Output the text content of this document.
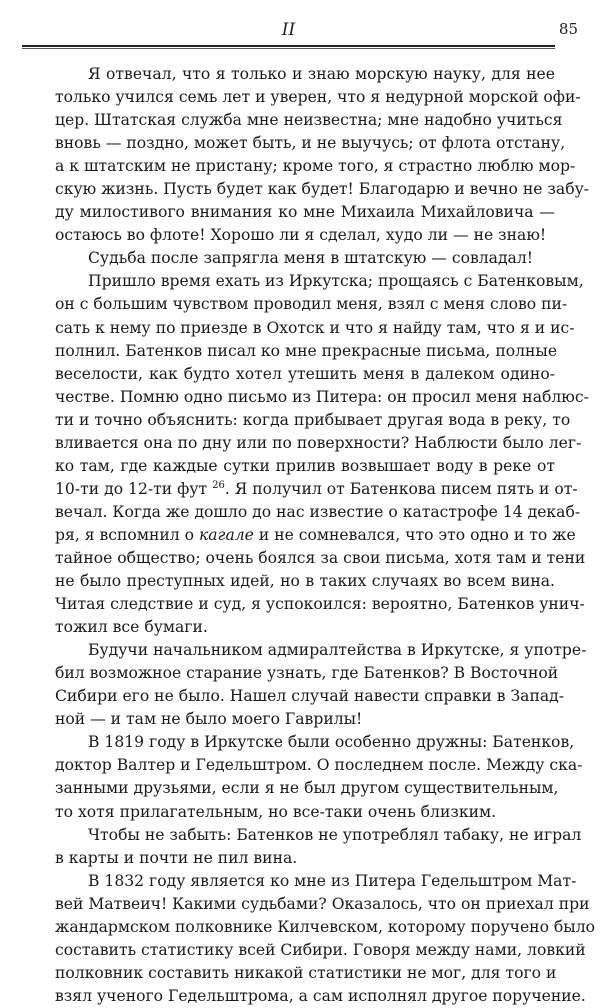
II	85
Я отвечал, что я только и знаю морскую науку, для нее
только учился семь лет и уверен, что я недурной морской офи-
цер. Штатская служба мне неизвестна; мне надобно учиться
вновь — поздно, может быть, и не выучусь; от флота отстану,
а к штатским не пристану; кроме того, я страстно люблю мор-
скую жизнь. Пусть будет как будет! Благодарю и вечно не забу-
ду милостивого внимания ко мне Михаила Михайловича —
остаюсь во флоте! Хорошо ли я сделал, худо ли — не знаю!
Судьба после запрягла меня в штатскую — совладал!
Пришло время ехать из Иркутска; прощаясь с Батенковым,
он с большим чувством проводил меня, взял с меня слово пи-
сать к нему по приезде в Охотск и что я найду там, что я и ис-
полнил. Батенков писал ко мне прекрасные письма, полные
веселости, как будто хотел утешить меня в далеком одино-
честве. Помню одно письмо из Питера: он просил меня наблюс-
ти и точно объяснить: когда прибывает другая вода в реку, то
вливается она по дну или по поверхности? Наблюсти было лег-
ко там, где каждые сутки прилив возвышает воду в реке от
10-ти до 12-ти фут $^{26}$. Я получил от Батенкова писем пять и от-
вечал. Когда же дошло до нас известие о катастрофе 14 декаб-
ря, я вспомнил о кагале и не сомневался, что это одно и то же
тайное общество; очень боялся за свои письма, хотя там и тени
не было преступных идей, но в таких случаях во всем вина.
Читая следствие и суд, я успокоился: вероятно, Батенков унич-
тожил все бумаги.
Будучи начальником адмиралтейства в Иркутске, я употре-
бил возможное старание узнать, где Батенков? В Восточной
Сибири его не было. Нашел случай навести справки в Запад-
ной — и там не было моего Гаврилы!
В 1819 году в Иркутске были особенно дружны: Батенков,
доктор Валтер и Гедельштром. О последнем после. Между ска-
занными друзьями, если я не был другом существительным,
то хотя прилагательным, но все-таки очень близким.
Чтобы не забыть: Батенков не употреблял табаку, не играл
в карты и почти не пил вина.
В 1832 году является ко мне из Питера Гедельштром Мат-
вей Матвеич! Какими судьбами? Оказалось, что он приехал при
жандармском полковнике Килчевском, которому поручено было
составить статистику всей Сибири. Говоря между нами, ловкий
полковник составить никакой статистики не мог, для того и
взял ученого Гедельштрома, а сам исполнял другое поручение.
